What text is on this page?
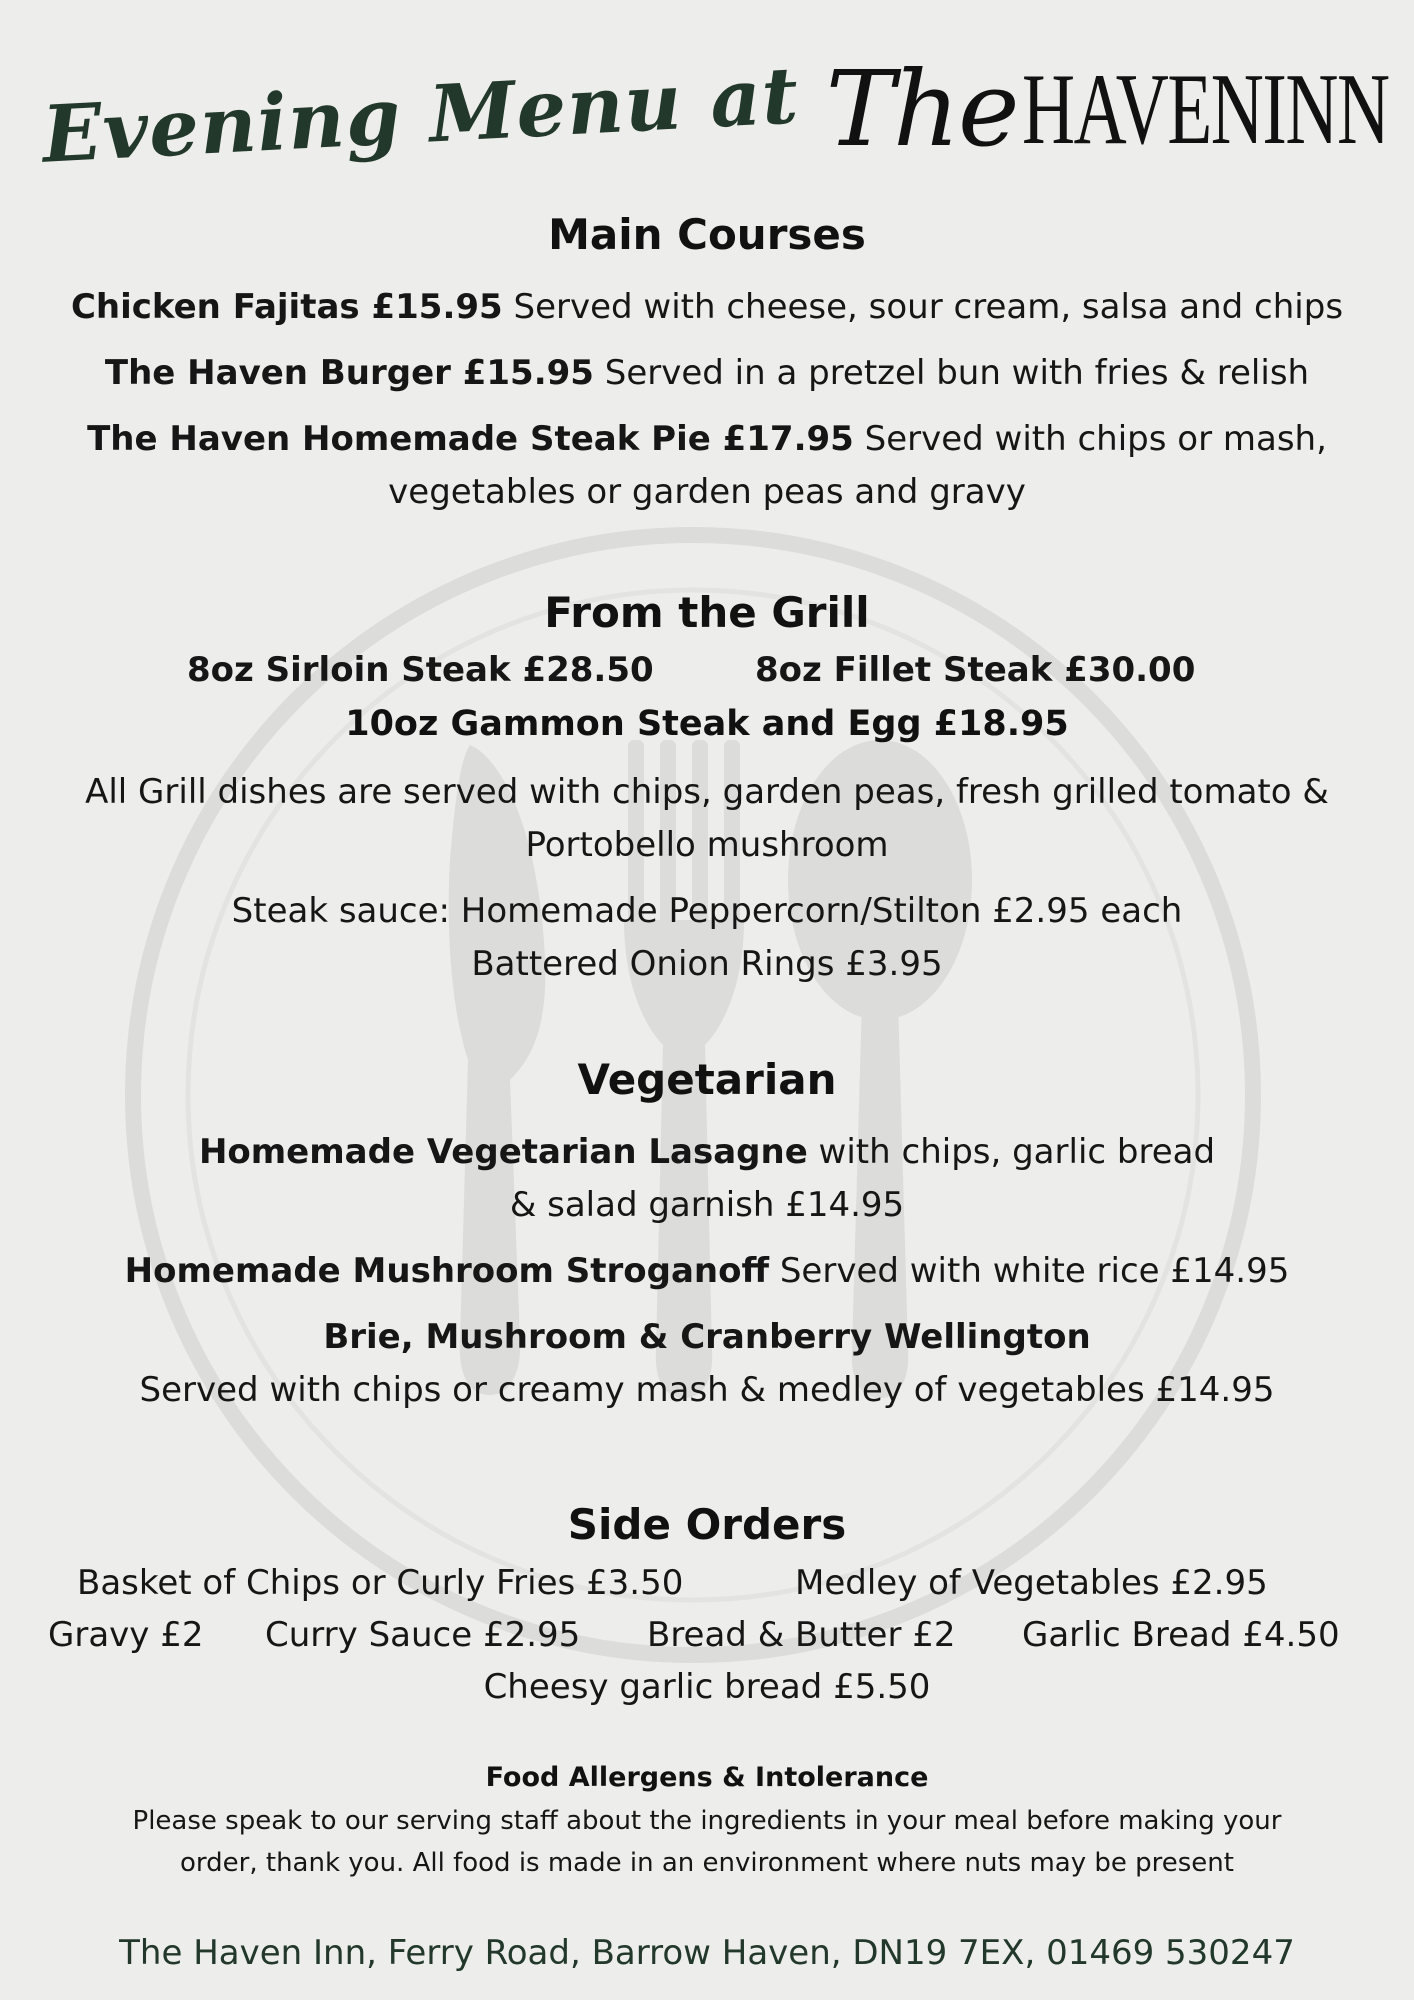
Evening Menu at TheHAVENINN
Main Courses
Chicken Fajitas £15.95 Served with cheese, sour cream, salsa and chips
The Haven Burger £15.95 Served in a pretzel bun with fries & relish
The Haven Homemade Steak Pie £17.95 Served with chips or mash,
vegetables or garden peas and gravy
From the Grill
8oz Sirloin Steak £28.50	8oz Fillet Steak £30.00
10oz Gammon Steak and Egg £18.95
All Grill dishes are served with chips, garden peas, fresh grilled tomato &
Portobello mushroom
Steak sauce: Homemade Peppercorn/Stilton £2.95 each
Battered Onion Rings £3.95
Vegetarian
Homemade Vegetarian Lasagne with chips, garlic bread
& salad garnish £14.95
Homemade Mushroom Stroganoff Served with white rice £14.95
Brie, Mushroom & Cranberry Wellington
Served with chips or creamy mash & medley of vegetables £14.95
Side Orders
Basket of Chips or Curly Fries £3.50	Medley of Vegetables £2.95
Gravy £2 Curry Sauce £2.95 Bread & Butter £2 Garlic Bread £4.50
Cheesy garlic bread £5.50
Food Allergens & Intolerance
Please speak to our serving staff about the ingredients in your meal before making your
order, thank you. All food is made in an environment where nuts may be present
The Haven Inn, Ferry Road, Barrow Haven, DN19 7EX, 01469 530247
